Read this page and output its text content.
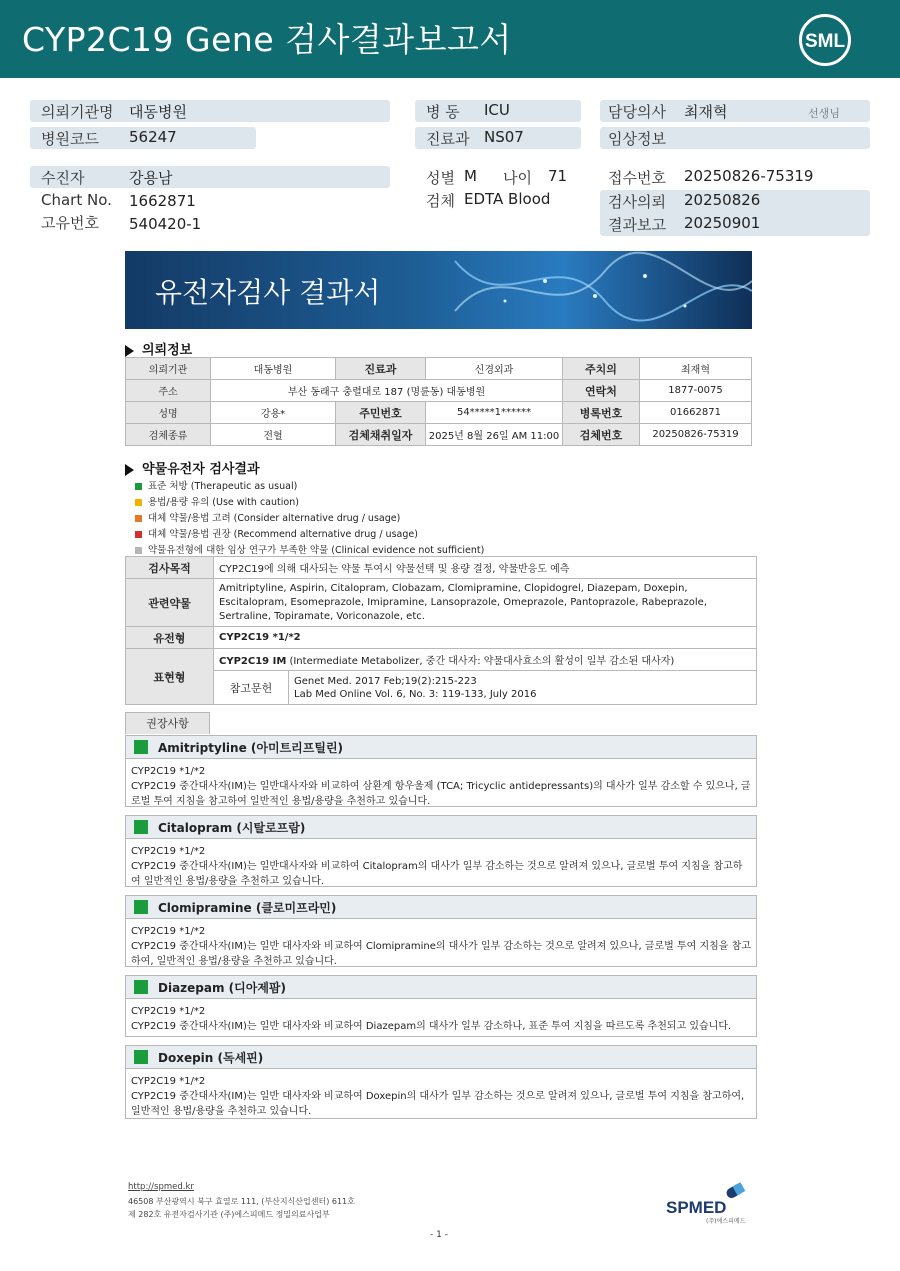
CYP2C19 Gene 검사결과보고서	SML
의뢰기관명 대동병원
병원코드 56247
병 동 ICU
진료과 NS07
담당의사 최재혁	선생님
임상정보
수진자	강용남
Chart No. 1662871
고유번호 540420-1
성별 M 나이 71
검체 EDTA Blood
접수번호 20250826-75319
검사의뢰 20250826
결과보고 20250901
유전자검사 결과서
의뢰정보
의뢰기관	대동병원	진료과	신경외과	주치의	최재혁
주소	부산 동래구 충렬대로 187 (명륜동) 대동병원			연락처	1877-0075
성명	강용*	주민번호	54*****1******	병록번호	01662871
검체종류	전혈	검체채취일자	2025년 8월 26일 AM 11:00	검체번호	20250826-75319
약물유전자 검사결과
표준 처방 (Therapeutic as usual)
용법/용량 유의 (Use with caution)
대체 약물/용법 고려 (Consider alternative drug / usage)
대체 약물/용법 권장 (Recommend alternative drug / usage)
약물유전형에 대한 임상 연구가 부족한 약물 (Clinical evidence not sufficient)
검사목적	CYP2C19에 의해 대사되는 약물 투여시 약물선택 및 용량 결정, 약물반응도 예측	
관련약물	Amitriptyline, Aspirin, Citalopram, Clobazam, Clomipramine, Clopidogrel, Diazepam, Doxepin, Escitalopram, Esomeprazole, Imipramine, Lansoprazole, Omeprazole, Pantoprazole, Rabeprazole, Sertraline, Topiramate, Voriconazole, etc.	
유전형	CYP2C19 *1/*2	
표현형	CYP2C19 IM (Intermediate Metabolizer, 중간 대사자: 약물대사효소의 활성이 일부 감소된 대사자)	
	참고문헌	Genet Med. 2017 Feb;19(2):215-223
Lab Med Online Vol. 6, No. 3: 119-133, July 2016
권장사항
Amitriptyline (아미트리프틸린)
CYP2C19 *1/*2
CYP2C19 중간대사자(IM)는 일반대사자와 비교하여 삼환계 항우울제 (TCA; Tricyclic antidepressants)의 대사가 일부 감소할 수 있으나, 글로벌 투여 지침을 참고하여 일반적인 용법/용량을 추천하고 있습니다.
Citalopram (시탈로프람)
CYP2C19 *1/*2
CYP2C19 중간대사자(IM)는 일반대사자와 비교하여 Citalopram의 대사가 일부 감소하는 것으로 알려져 있으나, 글로벌 투여 지침을 참고하여 일반적인 용법/용량을 추천하고 있습니다.
Clomipramine (클로미프라민)
CYP2C19 *1/*2
CYP2C19 중간대사자(IM)는 일반 대사자와 비교하여 Clomipramine의 대사가 일부 감소하는 것으로 알려져 있으나, 글로벌 투여 지침을 참고하여, 일반적인 용법/용량을 추천하고 있습니다.
Diazepam (디아제팜)
CYP2C19 *1/*2
CYP2C19 중간대사자(IM)는 일반 대사자와 비교하여 Diazepam의 대사가 일부 감소하나, 표준 투여 지침을 따르도록 추천되고 있습니다.
Doxepin (독세핀)
CYP2C19 *1/*2
CYP2C19 중간대사자(IM)는 일반 대사자와 비교하여 Doxepin의 대사가 일부 감소하는 것으로 알려져 있으나, 글로벌 투여 지침을 참고하여, 일반적인 용법/용량을 추천하고 있습니다.
http://spmed.kr
46508 부산광역시 북구 효열로 111, (부산지식산업센터) 611호
제 282호 유전자검사기관 (주)에스피메드 정밀의료사업부	SPMED
(주)에스피메드
- 1 -
